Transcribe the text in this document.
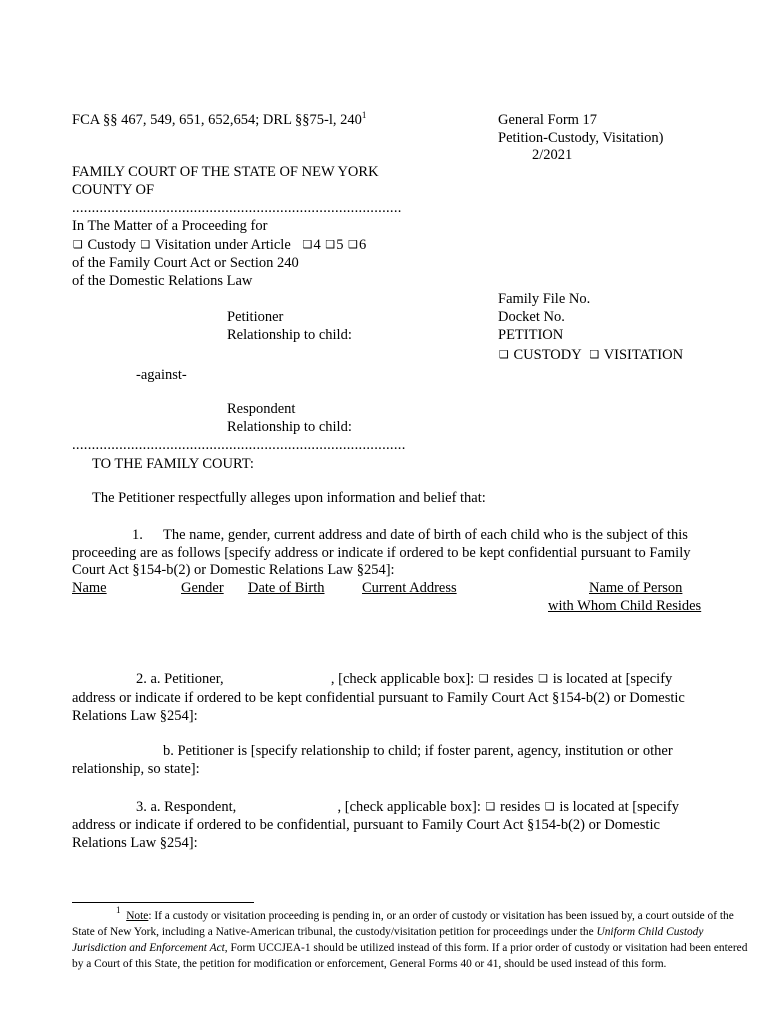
FCA §§ 467, 549, 651, 652,654; DRL §§75-l, $240^1$	General Form 17
Petition-Custody, Visitation)
2/2021
FAMILY COURT OF THE STATE OF NEW YORK
COUNTY OF
....................................................................................
In The Matter of a Proceeding for
❑ Custody ❑ Visitation under Article ❑4 ❑5 ❑6
of the Family Court Act or Section 240
of the Domestic Relations Law
Petitioner
Relationship to child:
-against-
Respondent
Relationship to child:
.....................................................................................
Family File No.
Docket No.
PETITION
❑ CUSTODY ❑ VISITATION
TO THE FAMILY COURT:
The Petitioner respectfully alleges upon information and belief that:
1. The name, gender, current address and date of birth of each child who is the subject of this
proceeding are as follows [specify address or indicate if ordered to be kept confidential pursuant to Family
Court Act §154-b(2) or Domestic Relations Law §254]:
Name	Gender Date of Birth	Current Address	Name of Person
with Whom Child Resides
2. a. Petitioner,	, [check applicable box]: ❑ resides ❑ is located at [specify
address or indicate if ordered to be kept confidential pursuant to Family Court Act §154-b(2) or Domestic
Relations Law §254]:
b. Petitioner is [specify relationship to child; if foster parent, agency, institution or other
relationship, so state]:
3. a. Respondent,	, [check applicable box]: ❑ resides ❑ is located at [specify
address or indicate if ordered to be confidential, pursuant to Family Court Act §154-b(2) or Domestic
Relations Law §254]:
$^1$ Note: If a custody or visitation proceeding is pending in, or an order of custody or visitation has been issued by, a court outside of the State of New York, including a Native-American tribunal, the custody/visitation petition for proceedings under the Uniform Child Custody Jurisdiction and Enforcement Act, Form UCCJEA-1 should be utilized instead of this form. If a prior order of custody or visitation had been entered by a Court of this State, the petition for modification or enforcement, General Forms 40 or 41, should be used instead of this form.
